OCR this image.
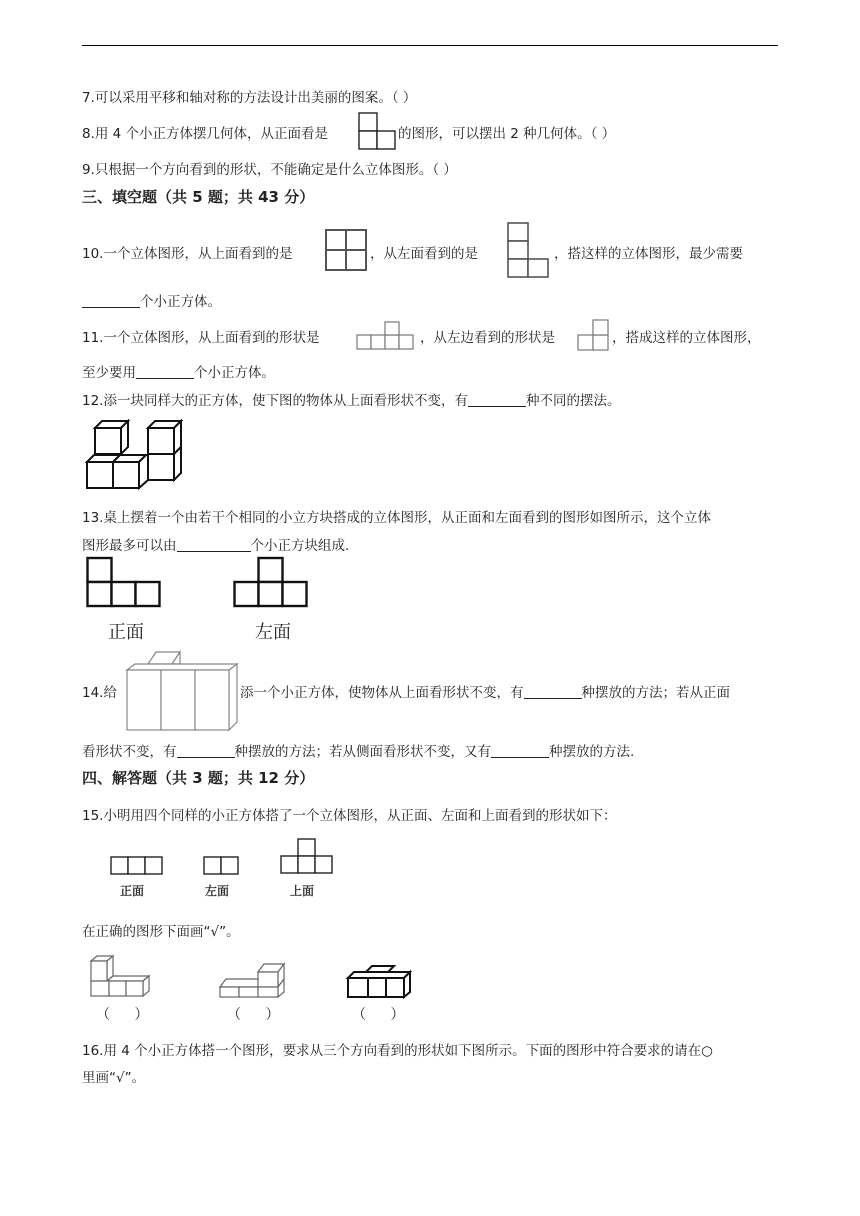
7.可以采用平移和轴对称的方法设计出美丽的图案。（ ）
8.用 4 个小正方体摆几何体，从正面看是	的图形，可以摆出 2 种几何体。（ ）
9.只根据一个方向看到的形状，不能确定是什么立体图形。（ ）
三、填空题（共 5 题；共 43 分）
10.一个立体图形，从上面看到的是	，从左面看到的是	，搭这样的立体图形，最少需要
个小正方体。
11.一个立体图形，从上面看到的形状是	，从左边看到的形状是	，搭成这样的立体图形，
至少要用	个小正方体。
12.添一块同样大的正方体，使下图的物体从上面看形状不变，有	种不同的摆法。
13.桌上摆着一个由若干个相同的小立方块搭成的立体图形，从正面和左面看到的图形如图所示，这个立体
图形最多可以由	个小正方块组成.
正面	左面
14.给	添一个小正方体，使物体从上面看形状不变，有	种摆放的方法；若从正面
看形状不变，有	种摆放的方法；若从侧面看形状不变，又有	种摆放的方法.
四、解答题（共 3 题；共 12 分）
15.小明用四个同样的小正方体搭了一个立体图形，从正面、左面和上面看到的形状如下：
正面	左面	上面
在正确的图形下面画“√”。
（ ）	（ ）	（ ）
16.用 4 个小正方体搭一个图形，要求从三个方向看到的形状如下图所示。下面的图形中符合要求的请在○
里画“√”。
